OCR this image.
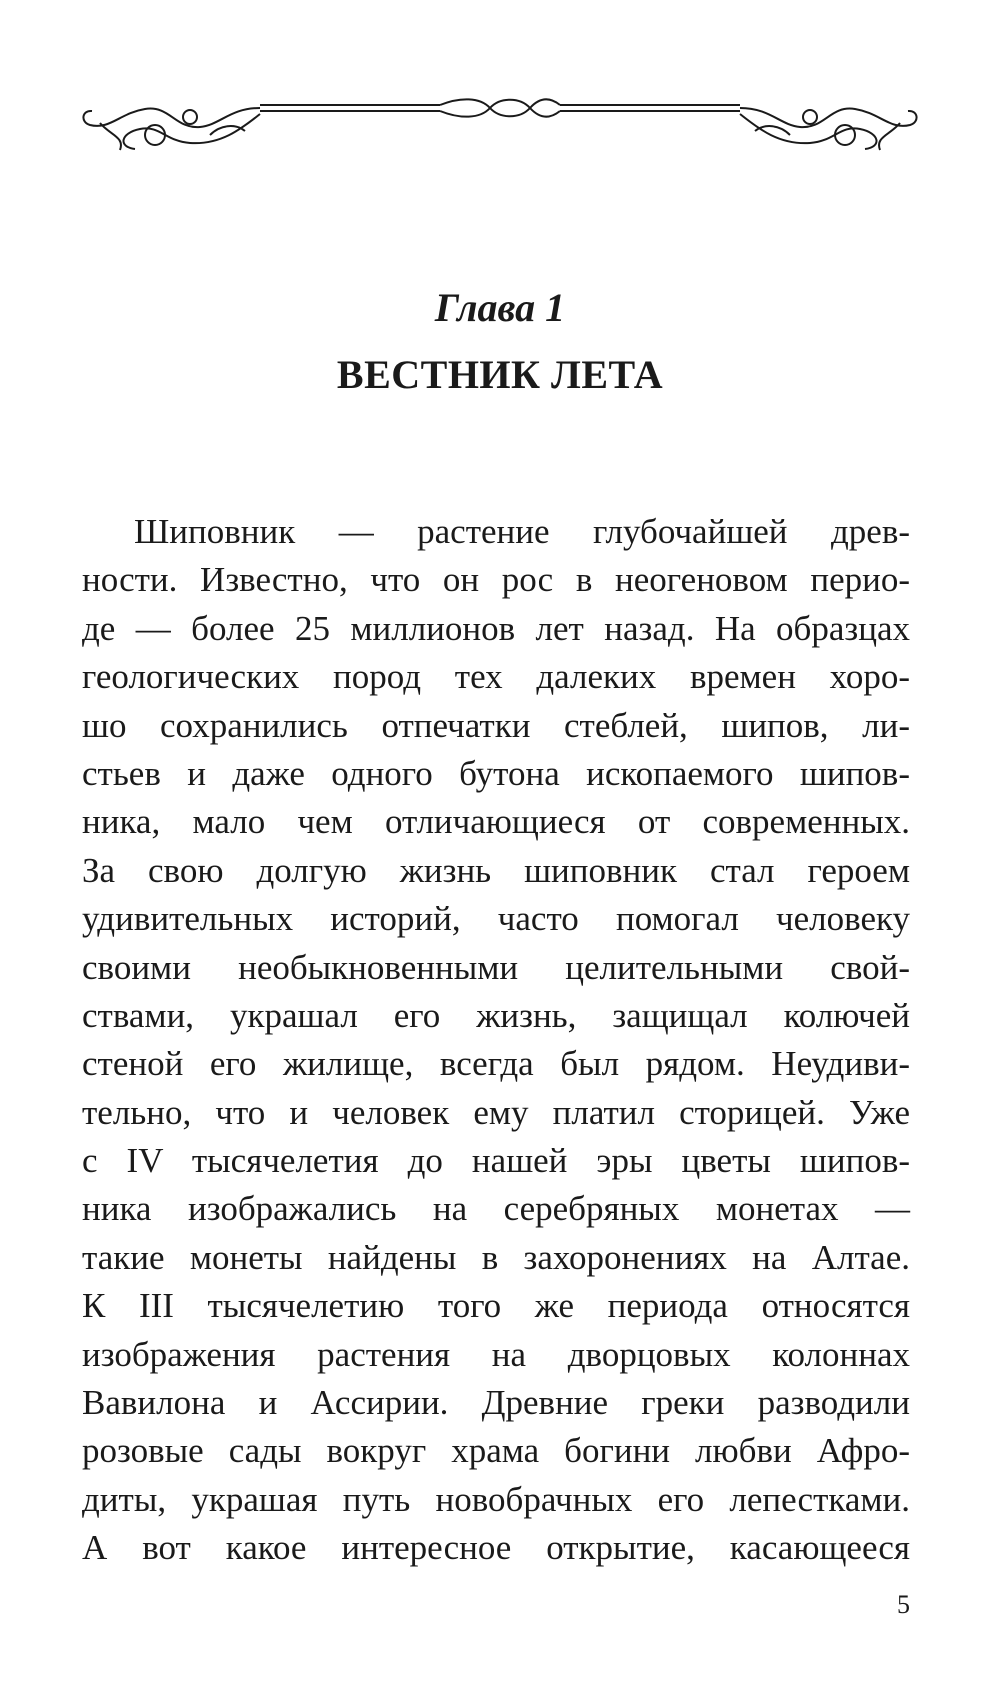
Глава 1
ВЕСТНИК ЛЕТА
Шиповник — растение глубочайшей древ-
ности. Известно, что он рос в неогеновом перио-
де — более 25 миллионов лет назад. На образцах
геологических пород тех далеких времен хоро-
шо сохранились отпечатки стеблей, шипов, ли-
стьев и даже одного бутона ископаемого шипов-
ника, мало чем отличающиеся от современных.
За свою долгую жизнь шиповник стал героем
удивительных историй, часто помогал человеку
своими необыкновенными целительными свой-
ствами, украшал его жизнь, защищал колючей
стеной его жилище, всегда был рядом. Неудиви-
тельно, что и человек ему платил сторицей. Уже
с IV тысячелетия до нашей эры цветы шипов-
ника изображались на серебряных монетах —
такие монеты найдены в захоронениях на Алтае.
К III тысячелетию того же периода относятся
изображения растения на дворцовых колоннах
Вавилона и Ассирии. Древние греки разводили
розовые сады вокруг храма богини любви Афро-
диты, украшая путь новобрачных его лепестками.
А вот какое интересное открытие, касающееся
5
